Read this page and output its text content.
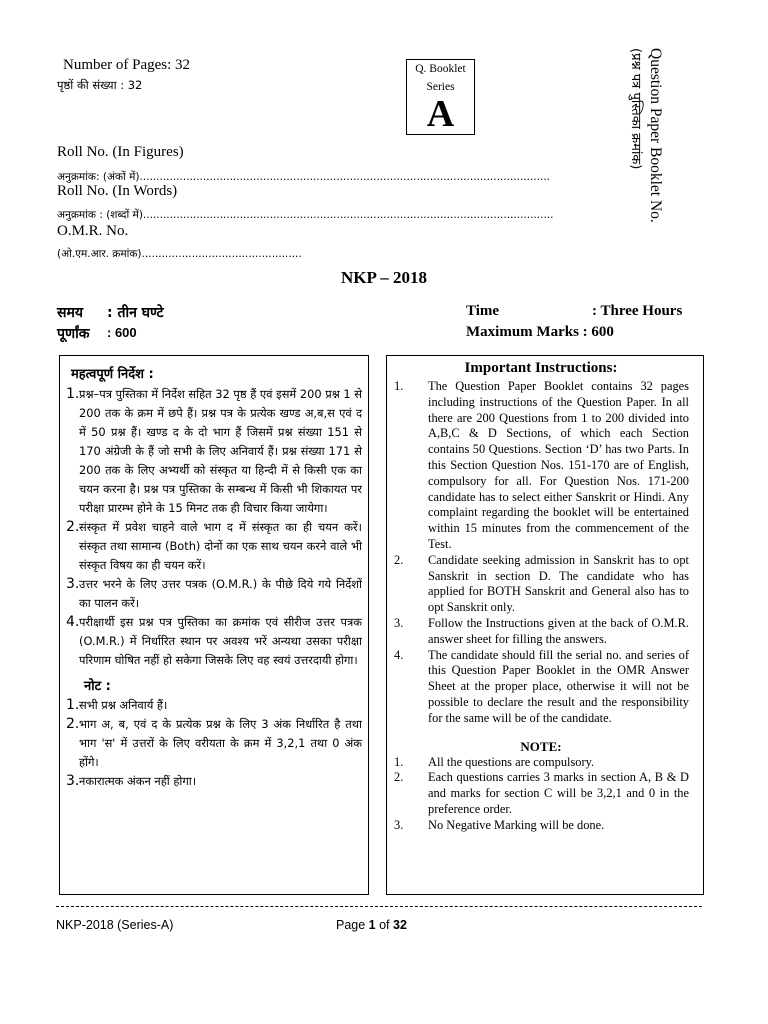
Number of Pages: 32
पृष्ठों की संख्या : 32
Q. Booklet
Series
A	Question Paper Booklet No.
(प्रश्न पत्र पुस्तिका क्रमांक)
Roll No. (In Figures)
अनुक्रमांक: (अंकों में)...........................................................................................................................
Roll No. (In Words)
अनुक्रमांक : (शब्दों में)...........................................................................................................................
O.M.R. No.
(ओ.एम.आर. क्रमांक)................................................
NKP – 2018
समय : तीन घण्टे
पूर्णांक : 600
Time	: Three Hours
Maximum Marks : 600
महत्वपूर्ण निर्देश :
1. प्रश्न–पत्र पुस्तिका में निर्देश सहित 32 पृष्ठ हैं एवं इसमें 200 प्रश्न 1 से 200 तक के क्रम में छपे हैं। प्रश्न पत्र के प्रत्येक खण्ड अ,ब,स एवं द में 50 प्रश्न हैं। खण्ड द के दो भाग हैं जिसमें प्रश्न संख्या 151 से 170 अंग्रेजी के हैं जो सभी के लिए अनिवार्य हैं। प्रश्न संख्या 171 से 200 तक के लिए अभ्यर्थी को संस्कृत या हिन्दी में से किसी एक का चयन करना है। प्रश्न पत्र पुस्तिका के सम्बन्ध में किसी भी शिकायत पर परीक्षा प्रारम्भ होने के 15 मिनट तक ही विचार किया जायेगा।
2. संस्कृत में प्रवेश चाहने वाले भाग द में संस्कृत का ही चयन करें। संस्कृत तथा सामान्य (Both) दोनों का एक साथ चयन करने वाले भी संस्कृत विषय का ही चयन करें।
3. उत्तर भरने के लिए उत्तर पत्रक (O.M.R.) के पीछे दिये गये निर्देशों का पालन करें।
4. परीक्षार्थी इस प्रश्न पत्र पुस्तिका का क्रमांक एवं सीरीज उत्तर पत्रक (O.M.R.) में निर्धारित स्थान पर अवश्य भरें अन्यथा उसका परीक्षा परिणाम घोषित नहीं हो सकेगा जिसके लिए वह स्वयं उत्तरदायी होगा।
नोट :
1. सभी प्रश्न अनिवार्य हैं।
2. भाग अ, ब, एवं द के प्रत्येक प्रश्न के लिए 3 अंक निर्धारित है तथा भाग 'स' में उत्तरों के लिए वरीयता के क्रम में 3,2,1 तथा 0 अंक होंगे।
3. नकारात्मक अंकन नहीं होगा।
Important Instructions:
1.	The Question Paper Booklet contains 32 pages including instructions of the Question Paper. In all there are 200 Questions from 1 to 200 divided into A,B,C & D Sections, of which each Section contains 50 Questions. Section ‘D’ has two Parts. In this Section Question Nos. 151-170 are of English, compulsory for all. For Question Nos. 171-200 candidate has to select either Sanskrit or Hindi. Any complaint regarding the booklet will be entertained within 15 minutes from the commencement of the Test.
2.	Candidate seeking admission in Sanskrit has to opt Sanskrit in section D. The candidate who has applied for BOTH Sanskrit and General also has to opt Sanskrit only.
3.	Follow the Instructions given at the back of O.M.R. answer sheet for filling the answers.
4.	The candidate should fill the serial no. and series of this Question Paper Booklet in the OMR Answer Sheet at the proper place, otherwise it will not be possible to declare the result and the responsibility for the same will be of the candidate.
NOTE:
1.	All the questions are compulsory.
2.	Each questions carries 3 marks in section A, B & D and marks for section C will be 3,2,1 and 0 in the preference order.
3.	No Negative Marking will be done.
NKP-2018 (Series-A)	Page 1 of 32
